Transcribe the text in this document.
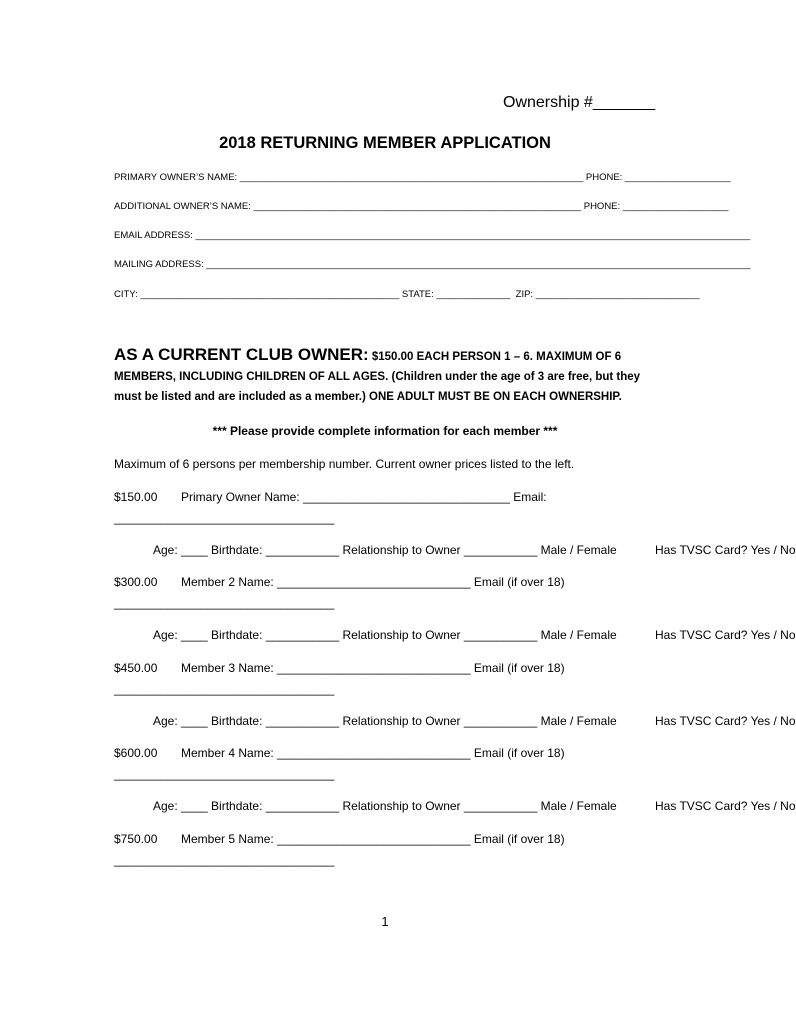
Ownership #_______
2018 RETURNING MEMBER APPLICATION
PRIMARY OWNER’S NAME: _________________________________________________________________ PHONE: ____________________
ADDITIONAL OWNER’S NAME: ______________________________________________________________ PHONE: ____________________
EMAIL ADDRESS: _________________________________________________________________________________________________________
MAILING ADDRESS: _______________________________________________________________________________________________________
CITY: _________________________________________________ STATE: ______________  ZIP: _______________________________
AS A CURRENT CLUB OWNER: $150.00 EACH PERSON 1 – 6. MAXIMUM OF 6
MEMBERS, INCLUDING CHILDREN OF ALL AGES. (Children under the age of 3 are free, but they
must be listed and are included as a member.) ONE ADULT MUST BE ON EACH OWNERSHIP.
*** Please provide complete information for each member ***
Maximum of 6 persons per membership number. Current owner prices listed to the left.
$150.00 Primary Owner Name: _______________________________ Email:
_________________________________
Age: ____ Birthdate: ___________ Relationship to Owner ___________ Male / Female	Has TVSC Card? Yes / No
$300.00 Member 2 Name: _____________________________ Email (if over 18)
_________________________________
Age: ____ Birthdate: ___________ Relationship to Owner ___________ Male / Female	Has TVSC Card? Yes / No
$450.00 Member 3 Name: _____________________________ Email (if over 18)
_________________________________
Age: ____ Birthdate: ___________ Relationship to Owner ___________ Male / Female	Has TVSC Card? Yes / No
$600.00 Member 4 Name: _____________________________ Email (if over 18)
_________________________________
Age: ____ Birthdate: ___________ Relationship to Owner ___________ Male / Female	Has TVSC Card? Yes / No
$750.00 Member 5 Name: _____________________________ Email (if over 18)
_________________________________
1
